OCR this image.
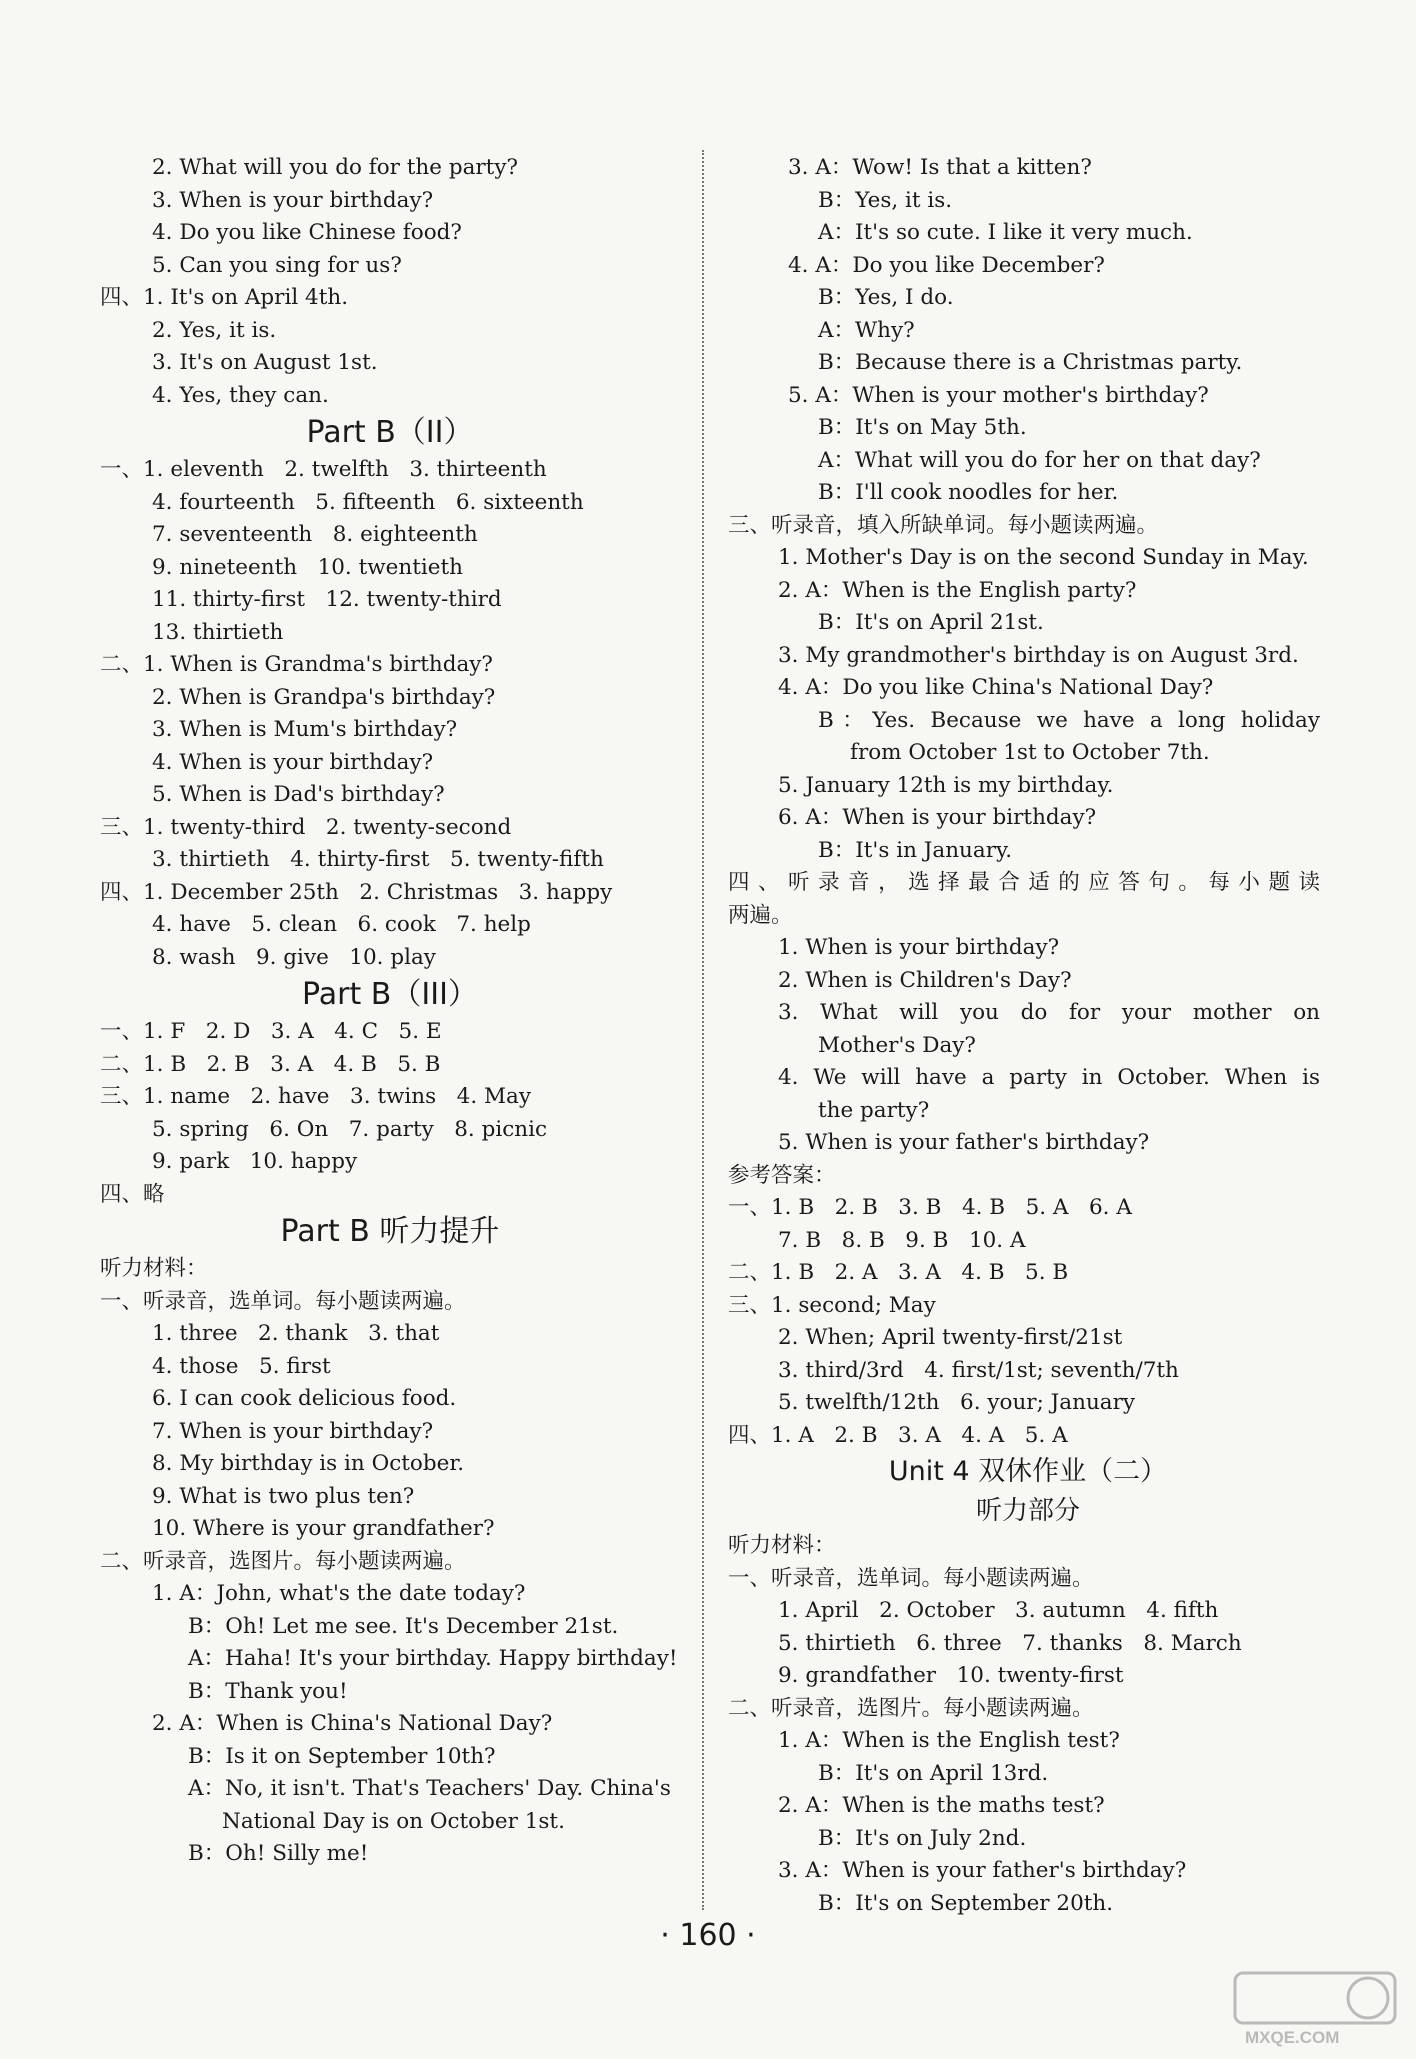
2. What will you do for the party?
3. When is your birthday?
4. Do you like Chinese food?
5. Can you sing for us?
四、1. It's on April 4th.
2. Yes, it is.
3. It's on August 1st.
4. Yes, they can.
Part B（II）
一、1. eleventh   2. twelfth   3. thirteenth
4. fourteenth   5. fifteenth   6. sixteenth
7. seventeenth   8. eighteenth
9. nineteenth   10. twentieth
11. thirty-first   12. twenty-third
13. thirtieth
二、1. When is Grandma's birthday?
2. When is Grandpa's birthday?
3. When is Mum's birthday?
4. When is your birthday?
5. When is Dad's birthday?
三、1. twenty-third   2. twenty-second
3. thirtieth   4. thirty-first   5. twenty-fifth
四、1. December 25th   2. Christmas   3. happy
4. have   5. clean   6. cook   7. help
8. wash   9. give   10. play
Part B（III）
一、1. F   2. D   3. A   4. C   5. E
二、1. B   2. B   3. A   4. B   5. B
三、1. name   2. have   3. twins   4. May
5. spring   6. On   7. party   8. picnic
9. park   10. happy
四、略
Part B 听力提升
听力材料：
一、听录音，选单词。每小题读两遍。
1. three   2. thank   3. that
4. those   5. first
6. I can cook delicious food.
7. When is your birthday?
8. My birthday is in October.
9. What is two plus ten?
10. Where is your grandfather?
二、听录音，选图片。每小题读两遍。
1. A：John, what's the date today?
B：Oh! Let me see. It's December 21st.
A：Haha! It's your birthday. Happy birthday!
B：Thank you!
2. A：When is China's National Day?
B：Is it on September 10th?
A：No, it isn't. That's Teachers' Day. China's
National Day is on October 1st.
B：Oh! Silly me!
3. A：Wow! Is that a kitten?
B：Yes, it is.
A：It's so cute. I like it very much.
4. A：Do you like December?
B：Yes, I do.
A：Why?
B：Because there is a Christmas party.
5. A：When is your mother's birthday?
B：It's on May 5th.
A：What will you do for her on that day?
B：I'll cook noodles for her.
三、听录音，填入所缺单词。每小题读两遍。
1. Mother's Day is on the second Sunday in May.
2. A：When is the English party?
B：It's on April 21st.
3. My grandmother's birthday is on August 3rd.
4. A：Do you like China's National Day?
B：Yes. Because we have a long holiday
from October 1st to October 7th.
5. January 12th is my birthday.
6. A：When is your birthday?
B：It's in January.
四、听录音，选择最合适的应答句。每小题读
两遍。
1. When is your birthday?
2. When is Children's Day?
3. What will you do for your mother on
Mother's Day?
4. We will have a party in October. When is
the party?
5. When is your father's birthday?
参考答案：
一、1. B   2. B   3. B   4. B   5. A   6. A
7. B   8. B   9. B   10. A
二、1. B   2. A   3. A   4. B   5. B
三、1. second; May
2. When; April twenty-first/21st
3. third/3rd   4. first/1st; seventh/7th
5. twelfth/12th   6. your; January
四、1. A   2. B   3. A   4. A   5. A
Unit 4 双休作业（二）
听力部分
听力材料：
一、听录音，选单词。每小题读两遍。
1. April   2. October   3. autumn   4. fifth
5. thirtieth   6. three   7. thanks   8. March
9. grandfather   10. twenty-first
二、听录音，选图片。每小题读两遍。
1. A：When is the English test?
B：It's on April 13rd.
2. A：When is the maths test?
B：It's on July 2nd.
3. A：When is your father's birthday?
B：It's on September 20th.
· 160 ·
MXQE.COM
